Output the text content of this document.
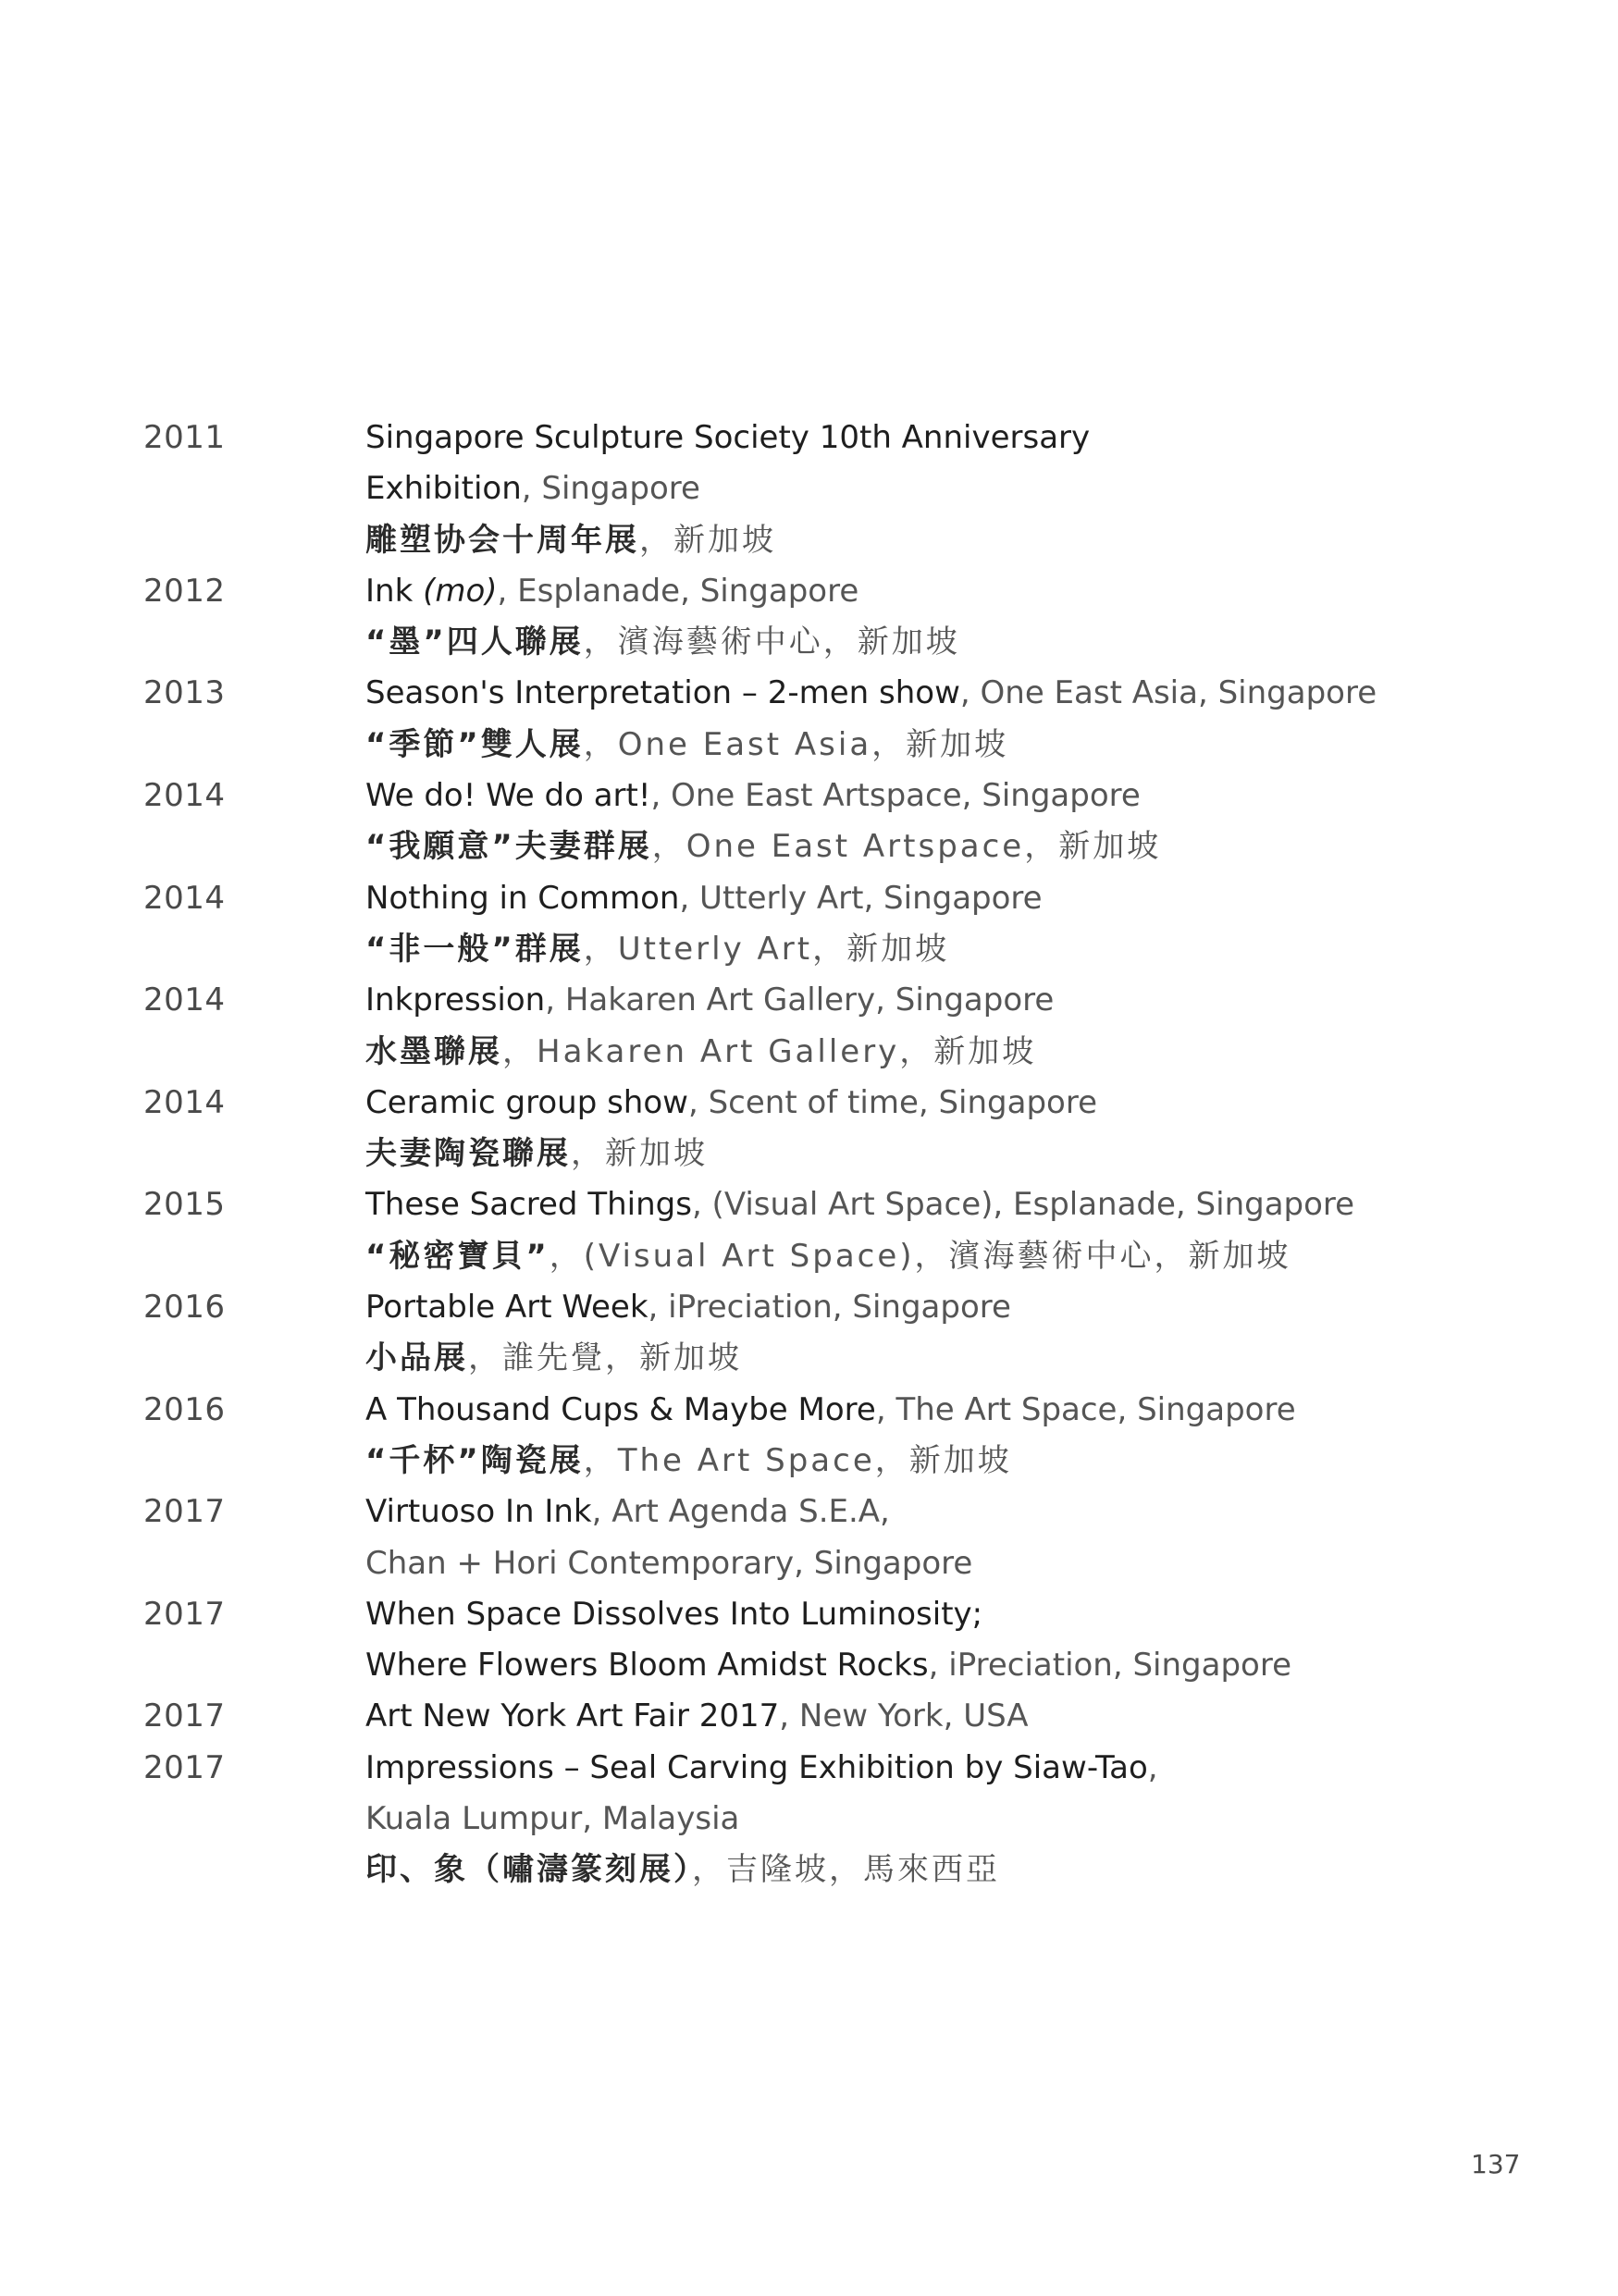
2011	Singapore Sculpture Society 10th Anniversary
Exhibition, Singapore
雕塑协会十周年展，新加坡
2012	Ink (mo), Esplanade, Singapore
“墨”四人聯展，濱海藝術中心，新加坡
2013	Season's Interpretation – 2-men show, One East Asia, Singapore
“季節”雙人展，One East Asia，新加坡
2014	We do! We do art!, One East Artspace, Singapore
“我願意”夫妻群展，One East Artspace，新加坡
2014	Nothing in Common, Utterly Art, Singapore
“非一般”群展，Utterly Art，新加坡
2014	Inkpression, Hakaren Art Gallery, Singapore
水墨聯展，Hakaren Art Gallery，新加坡
2014	Ceramic group show, Scent of time, Singapore
夫妻陶瓷聯展，新加坡
2015	These Sacred Things, (Visual Art Space), Esplanade, Singapore
“秘密寶貝”，(Visual Art Space)，濱海藝術中心，新加坡
2016	Portable Art Week, iPreciation, Singapore
小品展，誰先覺，新加坡
2016	A Thousand Cups & Maybe More, The Art Space, Singapore
“千杯”陶瓷展，The Art Space，新加坡
2017	Virtuoso In Ink, Art Agenda S.E.A,
Chan + Hori Contemporary, Singapore
2017	When Space Dissolves Into Luminosity;
Where Flowers Bloom Amidst Rocks, iPreciation, Singapore
2017	Art New York Art Fair 2017, New York, USA
2017	Impressions – Seal Carving Exhibition by Siaw-Tao,
Kuala Lumpur, Malaysia
印、象（嘯濤篆刻展），吉隆坡，馬來西亞
137
